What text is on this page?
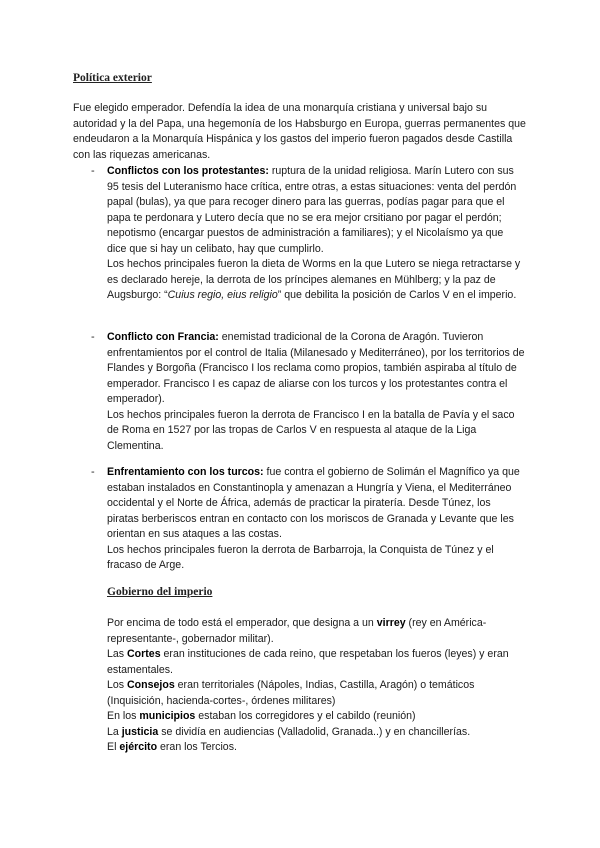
Política exterior

Fue elegido emperador. Defendía la idea de una monarquía cristiana y universal bajo su autoridad y la del Papa, una hegemonía de los Habsburgo en Europa, guerras permanentes que endeudaron a la Monarquía Hispánica y los gastos del imperio fueron pagados desde Castilla con las riquezas americanas.

- Conflictos con los protestantes: ruptura de la unidad religiosa. Marín Lutero con sus 95 tesis del Luteranismo hace crítica, entre otras, a estas situaciones: venta del perdón papal (bulas), ya que para recoger dinero para las guerras, podías pagar para que el papa te perdonara y Lutero decía que no se era mejor crsitiano por pagar el perdón; nepotismo (encargar puestos de administración a familiares); y el Nicolaísmo ya que dice que si hay un celibato, hay que cumplirlo.

Los hechos principales fueron la dieta de Worms en la que Lutero se niega retractarse y es declarado hereje, la derrota de los príncipes alemanes en Mühlberg; y la paz de Augsburgo: “Cuius regio, eius religio” que debilita la posición de Carlos V en el imperio.

- Conflicto con Francia: enemistad tradicional de la Corona de Aragón. Tuvieron enfrentamientos por el control de Italia (Milanesado y Mediterráneo), por los territorios de Flandes y Borgoña (Francisco I los reclama como propios, también aspiraba al título de emperador. Francisco I es capaz de aliarse con los turcos y los protestantes contra el emperador).

Los hechos principales fueron la derrota de Francisco I en la batalla de Pavía y el saco de Roma en 1527 por las tropas de Carlos V en respuesta al ataque de la Liga Clementina.

- Enfrentamiento con los turcos: fue contra el gobierno de Solimán el Magnífico ya que estaban instalados en Constantinopla y amenazan a Hungría y Viena, el Mediterráneo occidental y el Norte de África, además de practicar la piratería. Desde Túnez, los piratas berberiscos entran en contacto con los moriscos de Granada y Levante que les orientan en sus ataques a las costas.

Los hechos principales fueron la derrota de Barbarroja, la Conquista de Túnez y el fracaso de Arge.

Gobierno del imperio

Por encima de todo está el emperador, que designa a un virrey (rey en América-representante-, gobernador militar).

Las Cortes eran instituciones de cada reino, que respetaban los fueros (leyes) y eran estamentales.

Los Consejos eran territoriales (Nápoles, Indias, Castilla, Aragón) o temáticos (Inquisición, hacienda-cortes-, órdenes militares)

En los municipios estaban los corregidores y el cabildo (reunión)

La justicia se dividía en audiencias (Valladolid, Granada..) y en chancillerías.

El ejército eran los Tercios.
